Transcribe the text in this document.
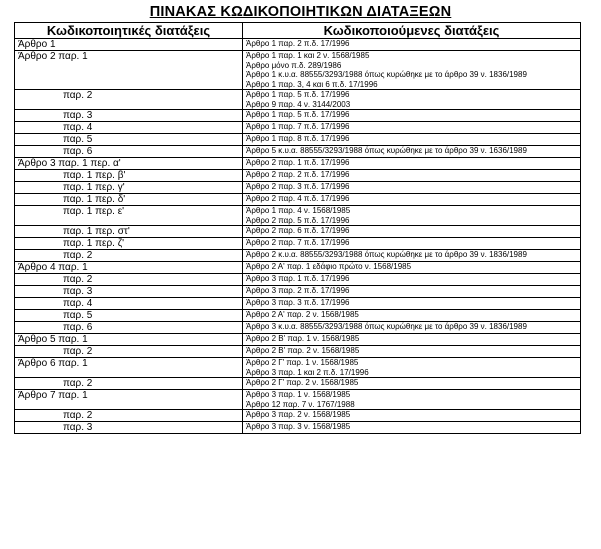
ΠΙΝΑΚΑΣ ΚΩΔΙΚΟΠΟΙΗΤΙΚΩΝ ΔΙΑΤΑΞΕΩΝ
Κωδικοποιητικές διατάξεις	Κωδικοποιούμενες διατάξεις
Άρθρο 1	Άρθρο 1 παρ. 2 π.δ. 17/1996

Άρθρο 2 παρ. 1	Άρθρο 1 παρ. 1 και 2 ν. 1568/1985
Άρθρο μόνο π.δ. 289/1986
Άρθρο 1 κ.υ.α. 88555/3293/1988 όπως κυρώθηκε με το άρθρο 39 ν. 1836/1989
Άρθρο 1 παρ. 3, 4 και 6 π.δ. 17/1996

παρ. 2	Άρθρο 1 παρ. 5 π.δ. 17/1996
Άρθρο 9 παρ. 4 ν. 3144/2003

παρ. 3	Άρθρο 1 παρ. 5 π.δ. 17/1996

παρ. 4	Άρθρο 1 παρ. 7 π.δ. 17/1996

παρ. 5	Άρθρο 1 παρ. 8 π.δ. 17/1996

παρ. 6	Άρθρο 5 κ.υ.α. 88555/3293/1988 όπως κυρώθηκε με το άρθρο 39 ν. 1636/1989

Άρθρο 3 παρ. 1 περ. α'	Άρθρο 2 παρ. 1 π.δ. 17/1996

παρ. 1 περ. β'	Άρθρο 2 παρ. 2 π.δ. 17/1996

παρ. 1 περ. γ'	Άρθρο 2 παρ. 3 π.δ. 17/1996

παρ. 1 περ. δ'	Άρθρο 2 παρ. 4 π.δ. 17/1996

παρ. 1 περ. ε'	Άρθρο 1 παρ. 4 ν. 1568/1985
Άρθρο 2 παρ. 5 π.δ. 17/1996

παρ. 1 περ. στ'	Άρθρο 2 παρ. 6 π.δ. 17/1996

παρ. 1 περ. ζ'	Άρθρο 2 παρ. 7 π.δ. 17/1996

παρ. 2	Άρθρο 2 κ.υ.α. 88555/3293/1988 όπως κυρώθηκε με το άρθρο 39 ν. 1836/1989

Άρθρο 4 παρ. 1	Άρθρο 2 Α' παρ. 1 εδάφιο πρώτο ν. 1568/1985

παρ. 2	Άρθρο 3 παρ. 1 π.δ. 17/1996

παρ. 3	Άρθρο 3 παρ. 2 π.δ. 17/1996

παρ. 4	Άρθρο 3 παρ. 3 π.δ. 17/1996

παρ. 5	Άρθρο 2 Α' παρ. 2 ν. 1568/1985

παρ. 6	Άρθρο 3 κ.υ.α. 88555/3293/1988 όπως κυρώθηκε με το άρθρο 39 ν. 1836/1989

Άρθρο 5 παρ. 1	Άρθρο 2 Β' παρ. 1 ν. 1568/1985

παρ. 2	Άρθρο 2 Β' παρ. 2 ν. 1568/1985

Άρθρο 6 παρ. 1	Άρθρο 2 Γ' παρ. 1 ν. 1568/1985
Άρθρο 3 παρ. 1 και 2 π.δ. 17/1996

παρ. 2	Άρθρο 2 Γ' παρ. 2 ν. 1568/1985

Άρθρο 7 παρ. 1	Άρθρο 3 παρ. 1 ν. 1568/1985
Άρθρο 12 παρ. 7 ν. 1767/1988

παρ. 2	Άρθρο 3 παρ. 2 ν. 1568/1985

παρ. 3	Άρθρο 3 παρ. 3 ν. 1568/1985
